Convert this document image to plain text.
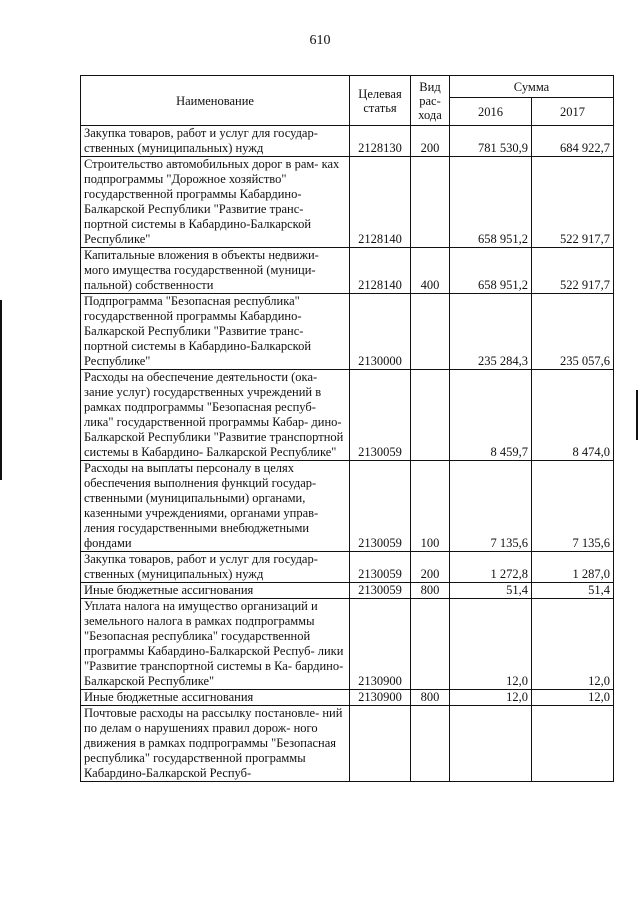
610
Наименование	Целевая статья	Вид рас- хода	Сумма	
			2016	2017
Закупка товаров, работ и услуг для государ- ственных (муниципальных) нужд	2128130	200	781 530,9	684 922,7
Строительство автомобильных дорог в рам- ках подпрограммы "Дорожное хозяйство" государственной программы Кабардино- Балкарской Республики "Развитие транс- портной системы в Кабардино-Балкарской Республике"	2128140		658 951,2	522 917,7
Капитальные вложения в объекты недвижи- мого имущества государственной (муници- пальной) собственности	2128140	400	658 951,2	522 917,7
Подпрограмма "Безопасная республика" государственной программы Кабардино- Балкарской Республики "Развитие транс- портной системы в Кабардино-Балкарской Республике"	2130000		235 284,3	235 057,6
Расходы на обеспечение деятельности (ока- зание услуг) государственных учреждений в рамках подпрограммы "Безопасная респуб- лика" государственной программы Кабар- дино-Балкарской Республики "Развитие транспортной системы в Кабардино- Балкарской Республике"	2130059		8 459,7	8 474,0
Расходы на выплаты персоналу в целях обеспечения выполнения функций государ- ственными (муниципальными) органами, казенными учреждениями, органами управ- ления государственными внебюджетными фондами	2130059	100	7 135,6	7 135,6
Закупка товаров, работ и услуг для государ- ственных (муниципальных) нужд	2130059	200	1 272,8	1 287,0
Иные бюджетные ассигнования	2130059	800	51,4	51,4
Уплата налога на имущество организаций и земельного налога в рамках подпрограммы "Безопасная республика" государственной программы Кабардино-Балкарской Респуб- лики "Развитие транспортной системы в Ка- бардино-Балкарской Республике"	2130900		12,0	12,0
Иные бюджетные ассигнования	2130900	800	12,0	12,0
Почтовые расходы на рассылку постановле- ний по делам о нарушениях правил дорож- ного движения в рамках подпрограммы "Безопасная республика" государственной программы Кабардино-Балкарской Респуб-				
